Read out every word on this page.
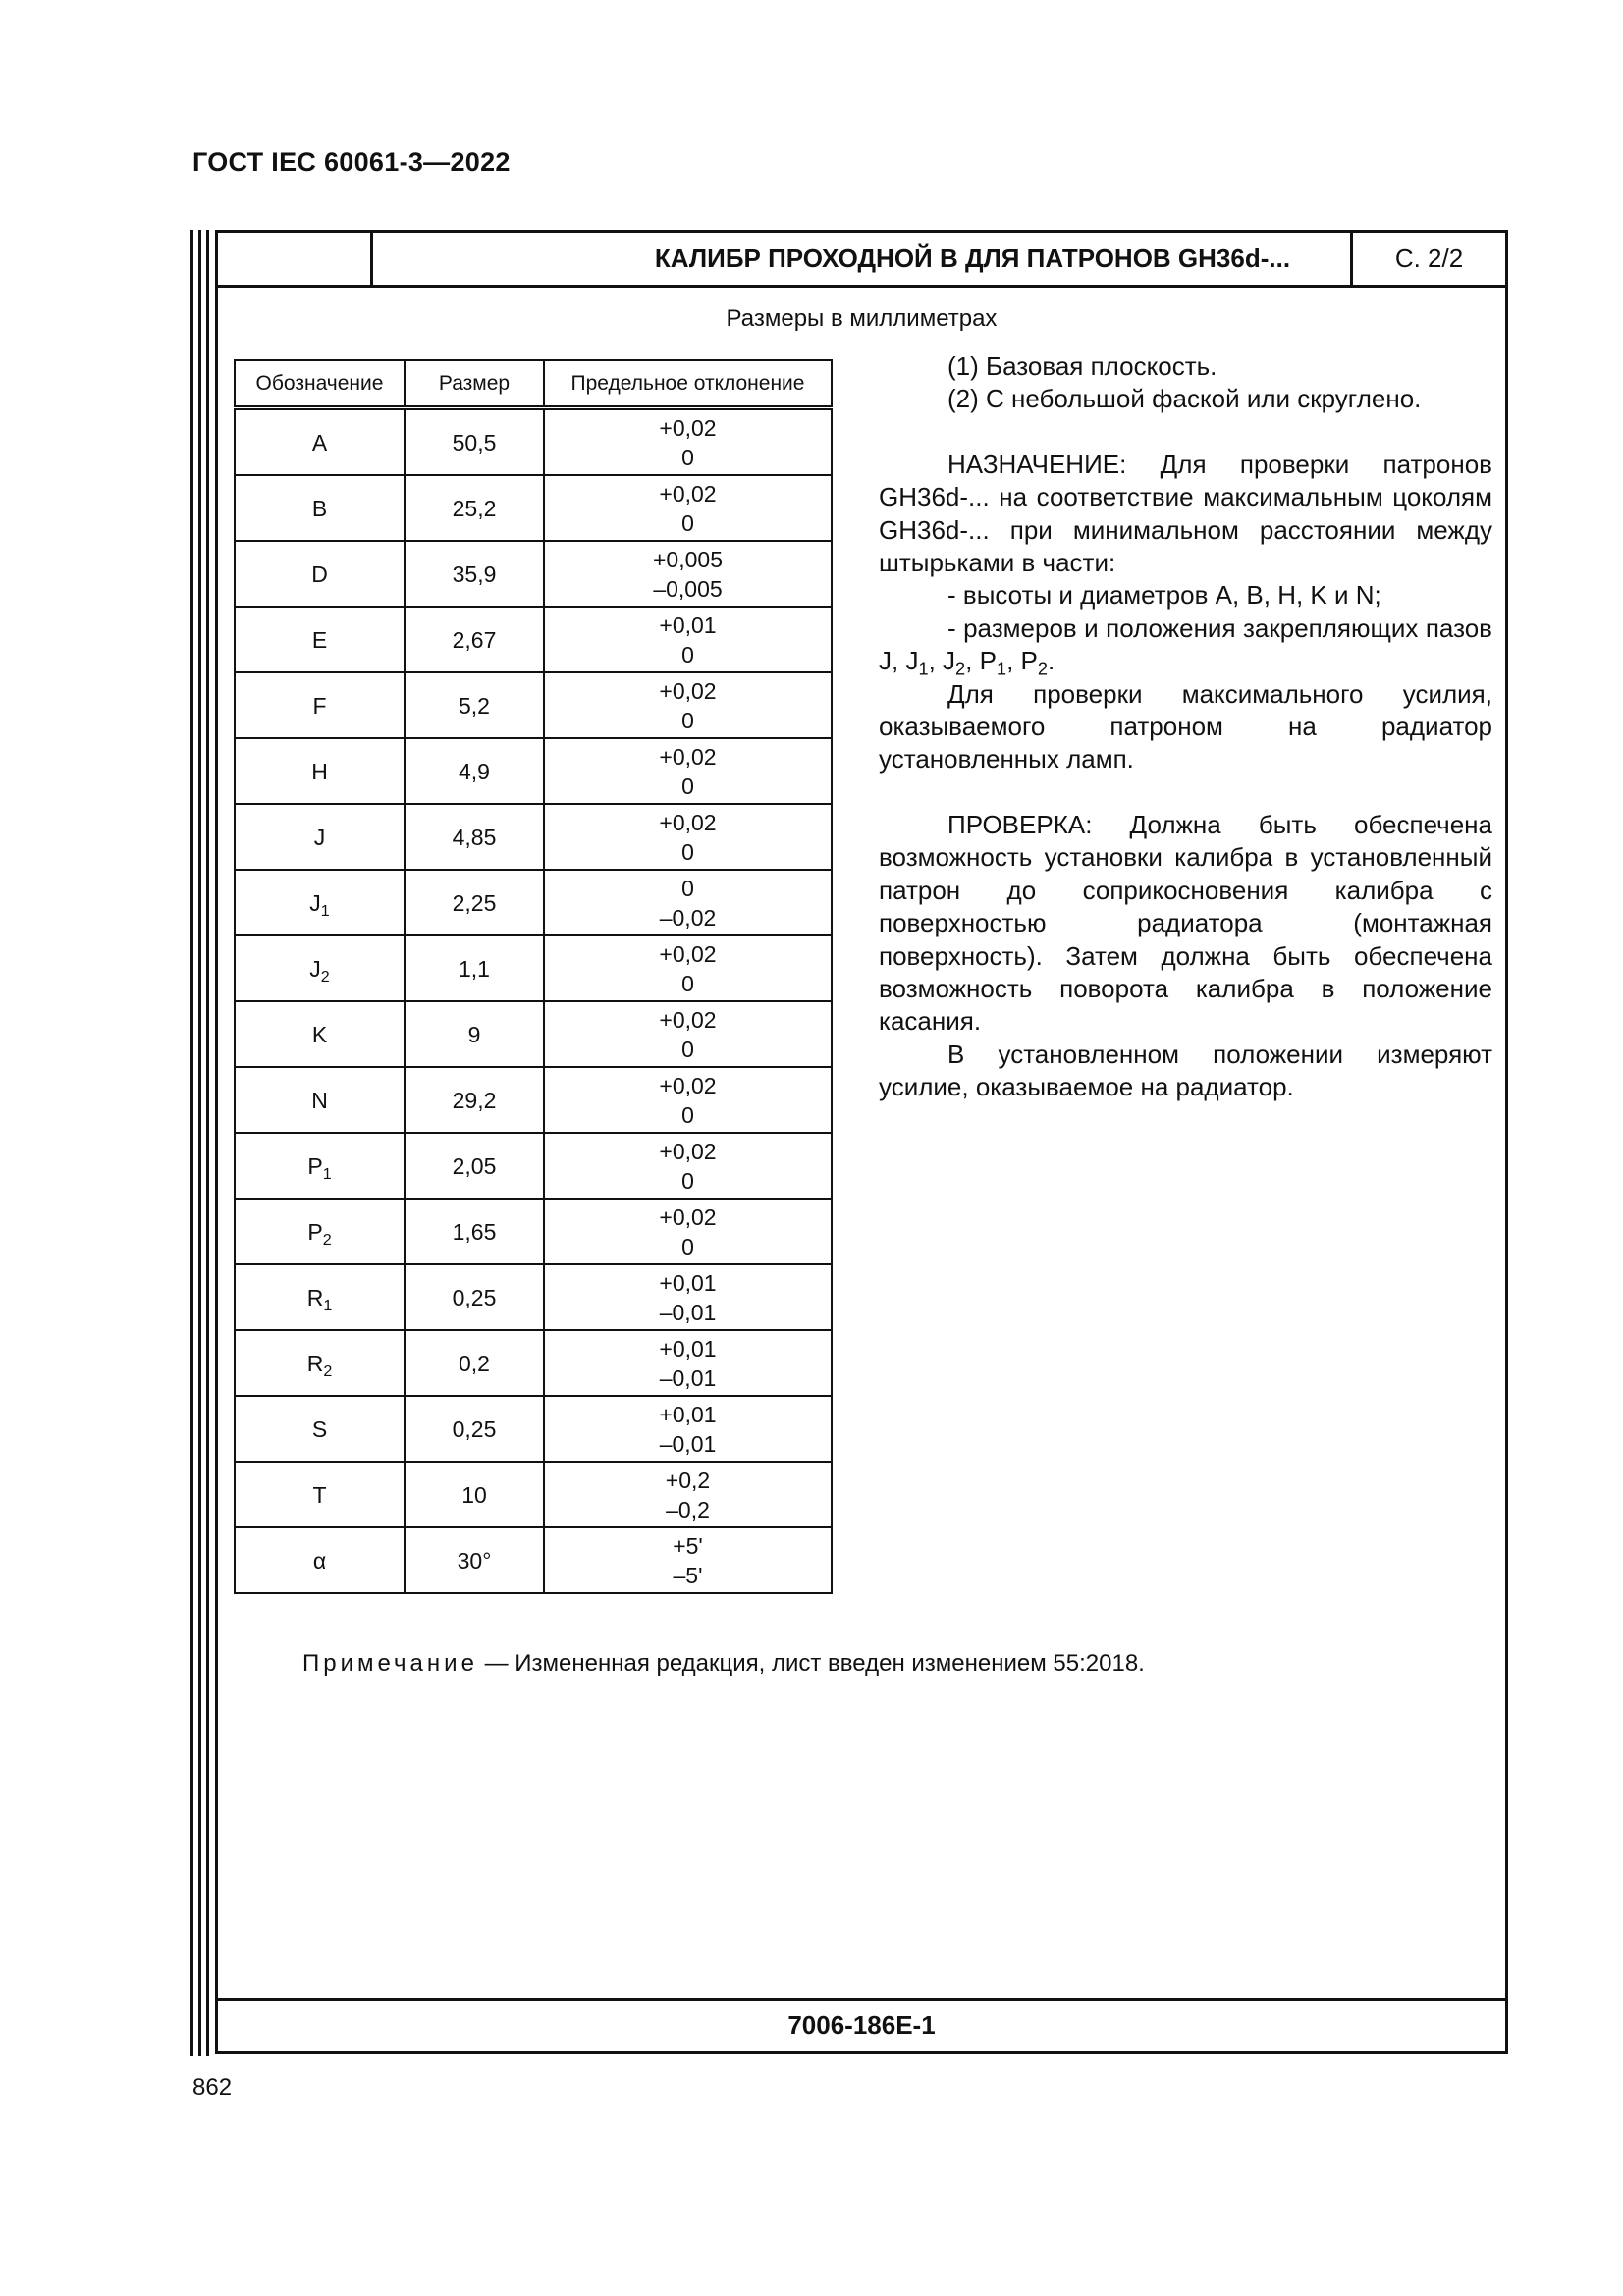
ГОСТ IEC 60061-3—2022
КАЛИБР ПРОХОДНОЙ В ДЛЯ ПАТРОНОВ GH36d-...	С. 2/2
Размеры в миллиметрах
Обозначение	Размер	Предельное отклонение
A	50,5	+0,02
0

B	25,2	+0,02
0

D	35,9	+0,005
–0,005

E	2,67	+0,01
0

F	5,2	+0,02
0

H	4,9	+0,02
0

J	4,85	+0,02
0

$J_1$	2,25	0
–0,02

$J_2$	1,1	+0,02
0

K	9	+0,02
0

N	29,2	+0,02
0

$P_1$	2,05	+0,02
0

$P_2$	1,65	+0,02
0

$R_1$	0,25	+0,01
–0,01

$R_2$	0,2	+0,01
–0,01

S	0,25	+0,01
–0,01

T	10	+0,2
–0,2

α	30°	+5'
–5'

(1) Базовая плоскость.

(2) С небольшой фаской или скруглено.

НАЗНАЧЕНИЕ: Для проверки патронов GH36d-... на соответствие максимальным цоколям GH36d-... при минимальном расстоянии между штырьками в части:

- высоты и диаметров A, B, H, K и N;

- размеров и положения закрепляющих пазов J, $J_1$, $J_2$, $P_1$, $P_2$.

Для проверки максимального усилия, оказываемого патроном на радиатор установленных ламп.

ПРОВЕРКА: Должна быть обеспечена возможность установки калибра в установленный патрон до соприкосновения калибра с поверхностью радиатора (монтажная поверхность). Затем должна быть обеспечена возможность поворота калибра в положение касания.

В установленном положении измеряют усилие, оказываемое на радиатор.

Примечание — Измененная редакция, лист введен изменением 55:2018.
7006-186E-1
862
